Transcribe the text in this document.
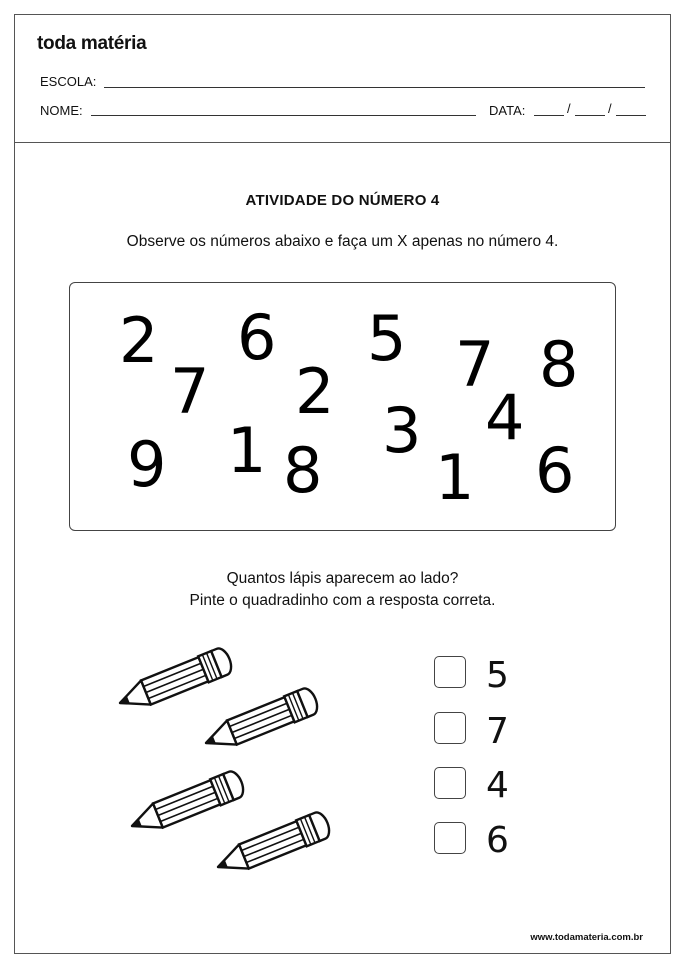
toda matéria
ESCOLA:
NOME:	DATA:	/	/
ATIVIDADE DO NÚMERO 4
Observe os números abaixo e faça um X apenas no número 4.
2 6 5 7 8
7 2 4
3
9 1 8 1 6
Quantos lápis aparecem ao lado?
Pinte o quadradinho com a resposta correta.
5
7
4
6
www.todamateria.com.br
